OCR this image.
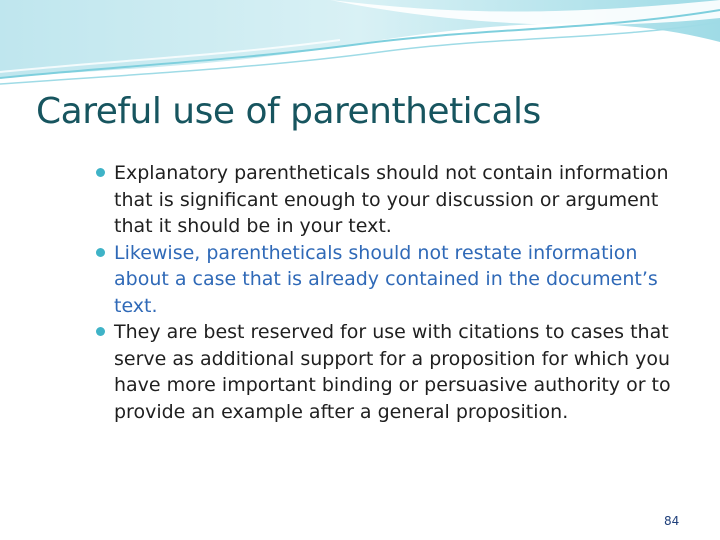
Careful use of parentheticals
Explanatory parentheticals should not contain information that is significant enough to your discussion or argument that it should be in your text.
Likewise, parentheticals should not restate information about a case that is already contained in the document’s text.
They are best reserved for use with citations to cases that serve as additional support for a proposition for which you have more important binding or persuasive authority or to provide an example after a general proposition.
84
